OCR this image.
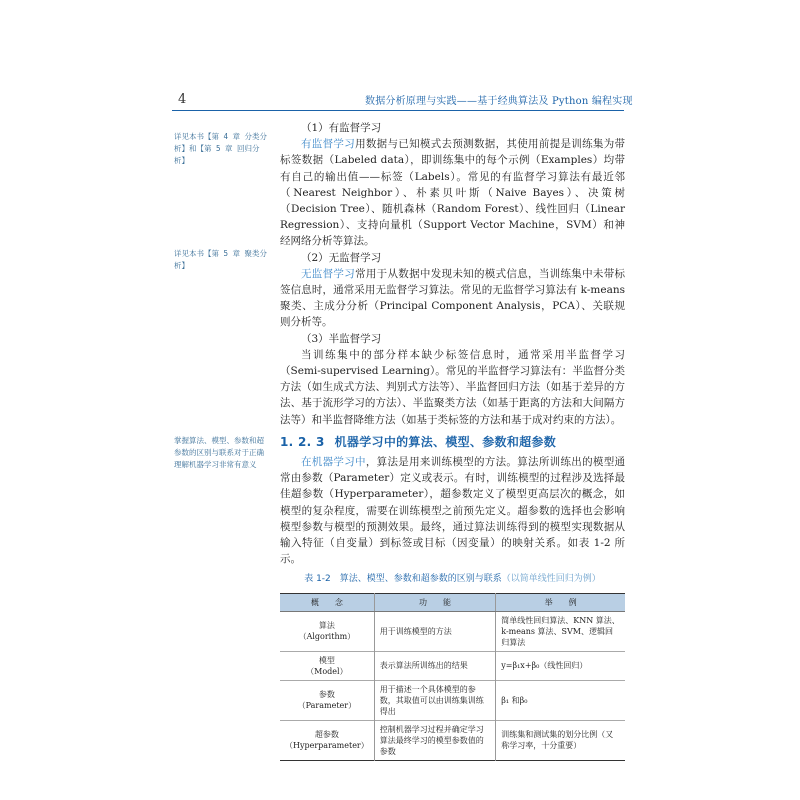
4	数据分析原理与实践——基于经典算法及 Python 编程实现
详见本书【第 4 章 分类分析】和【第 5 章 回归分析】
详见本书【第 5 章 聚类分析】
掌握算法、模型、参数和超参数的区别与联系对于正确理解机器学习非常有意义

（1）有监督学习

有监督学习用数据与已知模式去预测数据，其使用前提是训练集为带标签数据（Labeled data），即训练集中的每个示例（Examples）均带有自己的输出值——标签（Labels）。常见的有监督学习算法有最近邻（Nearest Neighbor）、朴素贝叶斯（Naive Bayes）、决策树（Decision Tree）、随机森林（Random Forest）、线性回归（Linear Regression）、支持向量机（Support Vector Machine，SVM）和神经网络分析等算法。

（2）无监督学习

无监督学习常用于从数据中发现未知的模式信息，当训练集中未带标签信息时，通常采用无监督学习算法。常见的无监督学习算法有 k-means 聚类、主成分分析（Principal Component Analysis，PCA）、关联规则分析等。

（3）半监督学习

当训练集中的部分样本缺少标签信息时，通常采用半监督学习（Semi-supervised Learning）。常见的半监督学习算法有：半监督分类方法（如生成式方法、判别式方法等）、半监督回归方法（如基于差异的方法、基于流形学习的方法）、半监聚类方法（如基于距离的方法和大间隔方法等）和半监督降维方法（如基于类标签的方法和基于成对约束的方法）。

1. 2. 3 机器学习中的算法、模型、参数和超参数

在机器学习中，算法是用来训练模型的方法。算法所训练出的模型通常由参数（Parameter）定义或表示。有时，训练模型的过程涉及选择最佳超参数（Hyperparameter），超参数定义了模型更高层次的概念，如模型的复杂程度，需要在训练模型之前预先定义。超参数的选择也会影响模型参数与模型的预测效果。最终，通过算法训练得到的模型实现数据从输入特征（自变量）到标签或目标（因变量）的映射关系。如表 1-2 所示。

表 1-2　算法、模型、参数和超参数的区别与联系（以简单线性回归为例）
概　　念	功　　能	举　　例

算法
（Algorithm）	用于训练模型的方法	简单线性回归算法、KNN 算法、k-means 算法、SVM、逻辑回归算法

模型
（Model）	表示算法所训练出的结果	y=β₁x+β₀（线性回归）

参数
（Parameter）	用于描述一个具体模型的参数，其取值可以由训练集训练得出	β₁ 和β₀

超参数
（Hyperparameter）	控制机器学习过程并确定学习算法最终学习的模型参数值的参数	训练集和测试集的划分比例（又称学习率，十分重要）
